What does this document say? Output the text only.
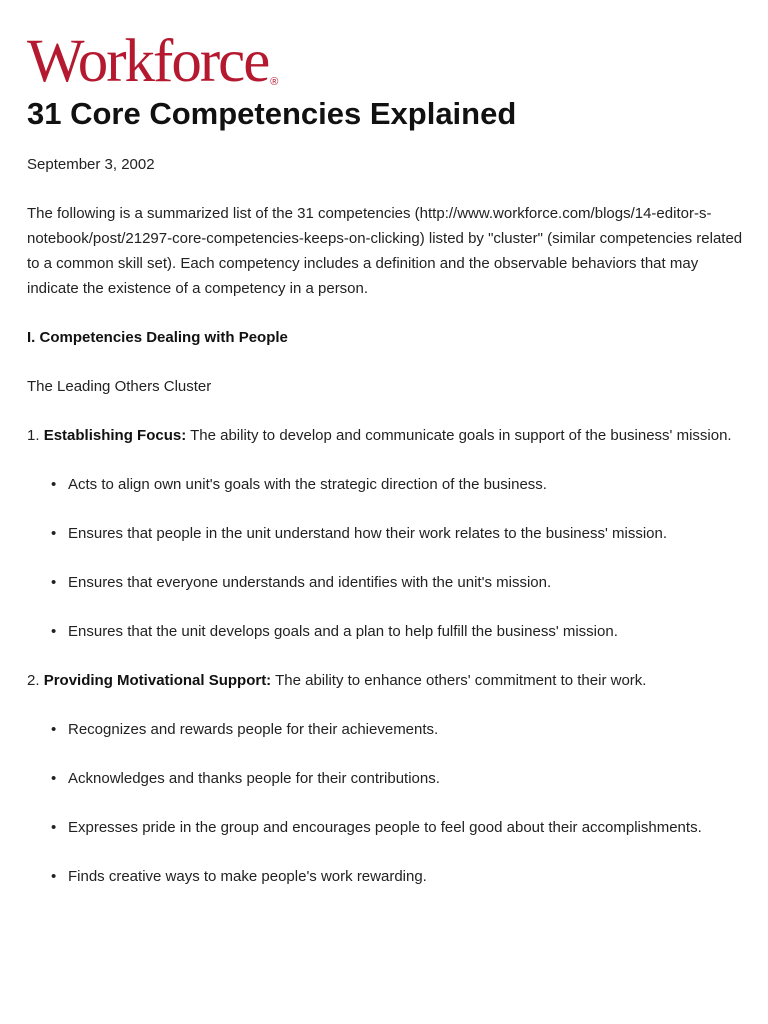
Workforce ®
31 Core Competencies Explained

September 3, 2002

The following is a summarized list of the 31 competencies (http://www.workforce.com/blogs/14-editor-s-notebook/post/21297-core-competencies-keeps-on-clicking) listed by "cluster" (similar competencies related to a common skill set). Each competency includes a definition and the observable behaviors that may indicate the existence of a competency in a person.

I. Competencies Dealing with People

The Leading Others Cluster

1. Establishing Focus: The ability to develop and communicate goals in support of the business' mission.

• Acts to align own unit's goals with the strategic direction of the business.
• Ensures that people in the unit understand how their work relates to the business' mission.
• Ensures that everyone understands and identifies with the unit's mission.
• Ensures that the unit develops goals and a plan to help fulfill the business' mission.

2. Providing Motivational Support: The ability to enhance others' commitment to their work.

• Recognizes and rewards people for their achievements.
• Acknowledges and thanks people for their contributions.
• Expresses pride in the group and encourages people to feel good about their accomplishments.
• Finds creative ways to make people's work rewarding.
